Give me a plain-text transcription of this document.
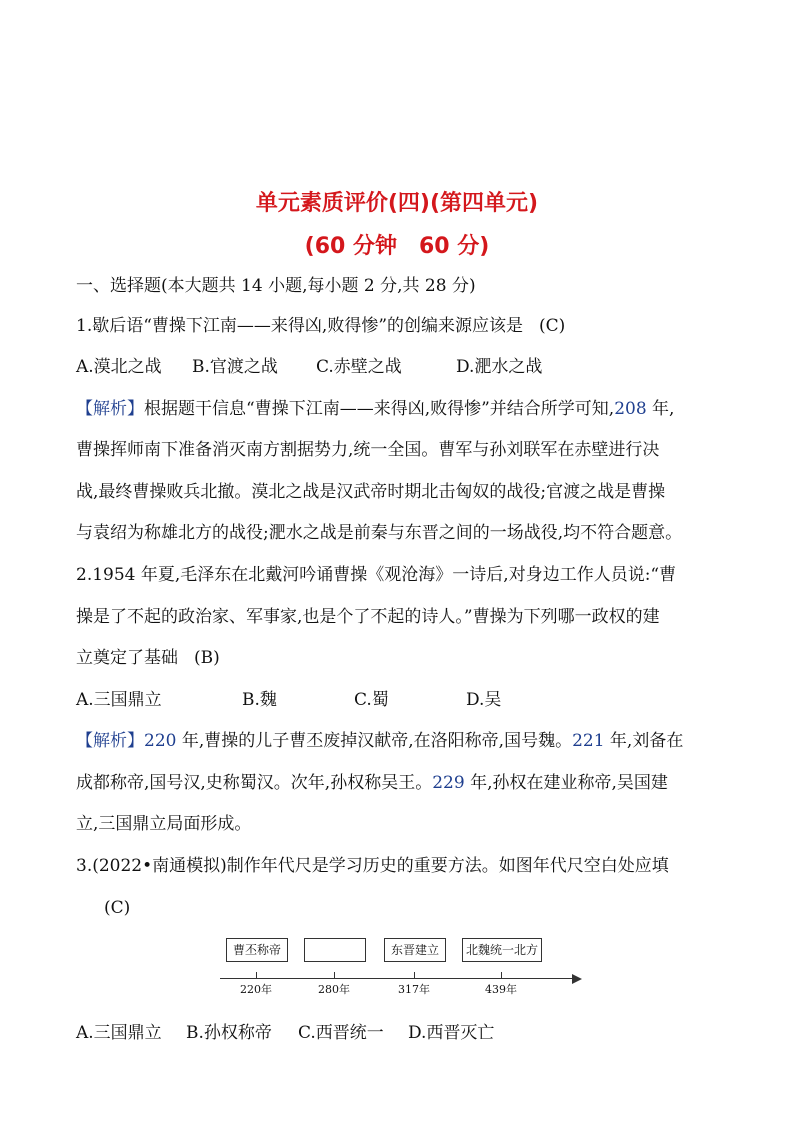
单元素质评价(四)(第四单元)
(60 分钟　60 分)
一、选择题(本大题共 14 小题,每小题 2 分,共 28 分)
1.歇后语“曹操下江南——来得凶,败得惨”的创编来源应该是 (C)
A.漠北之战 B.官渡之战 C.赤壁之战	D.淝水之战
【解析】根据题干信息“曹操下江南——来得凶,败得惨”并结合所学可知,208 年,
曹操挥师南下准备消灭南方割据势力,统一全国。曹军与孙刘联军在赤壁进行决
战,最终曹操败兵北撤。漠北之战是汉武帝时期北击匈奴的战役;官渡之战是曹操
与袁绍为称雄北方的战役;淝水之战是前秦与东晋之间的一场战役,均不符合题意。
2.1954 年夏,毛泽东在北戴河吟诵曹操《观沧海》一诗后,对身边工作人员说:“曹
操是了不起的政治家、军事家,也是个了不起的诗人。”曹操为下列哪一政权的建
立奠定了基础 (B)
A.三国鼎立	B.魏	C.蜀	D.吴
【解析】220 年,曹操的儿子曹丕废掉汉献帝,在洛阳称帝,国号魏。221 年,刘备在
成都称帝,国号汉,史称蜀汉。次年,孙权称吴王。229 年,孙权在建业称帝,吴国建
立,三国鼎立局面形成。
3.(2022•南通模拟)制作年代尺是学习历史的重要方法。如图年代尺空白处应填
(C)
曹丕称帝	东晋建立	北魏统一北方
220年	280年	317年	439年
A.三国鼎立 B.孙权称帝 C.西晋统一 D.西晋灭亡
